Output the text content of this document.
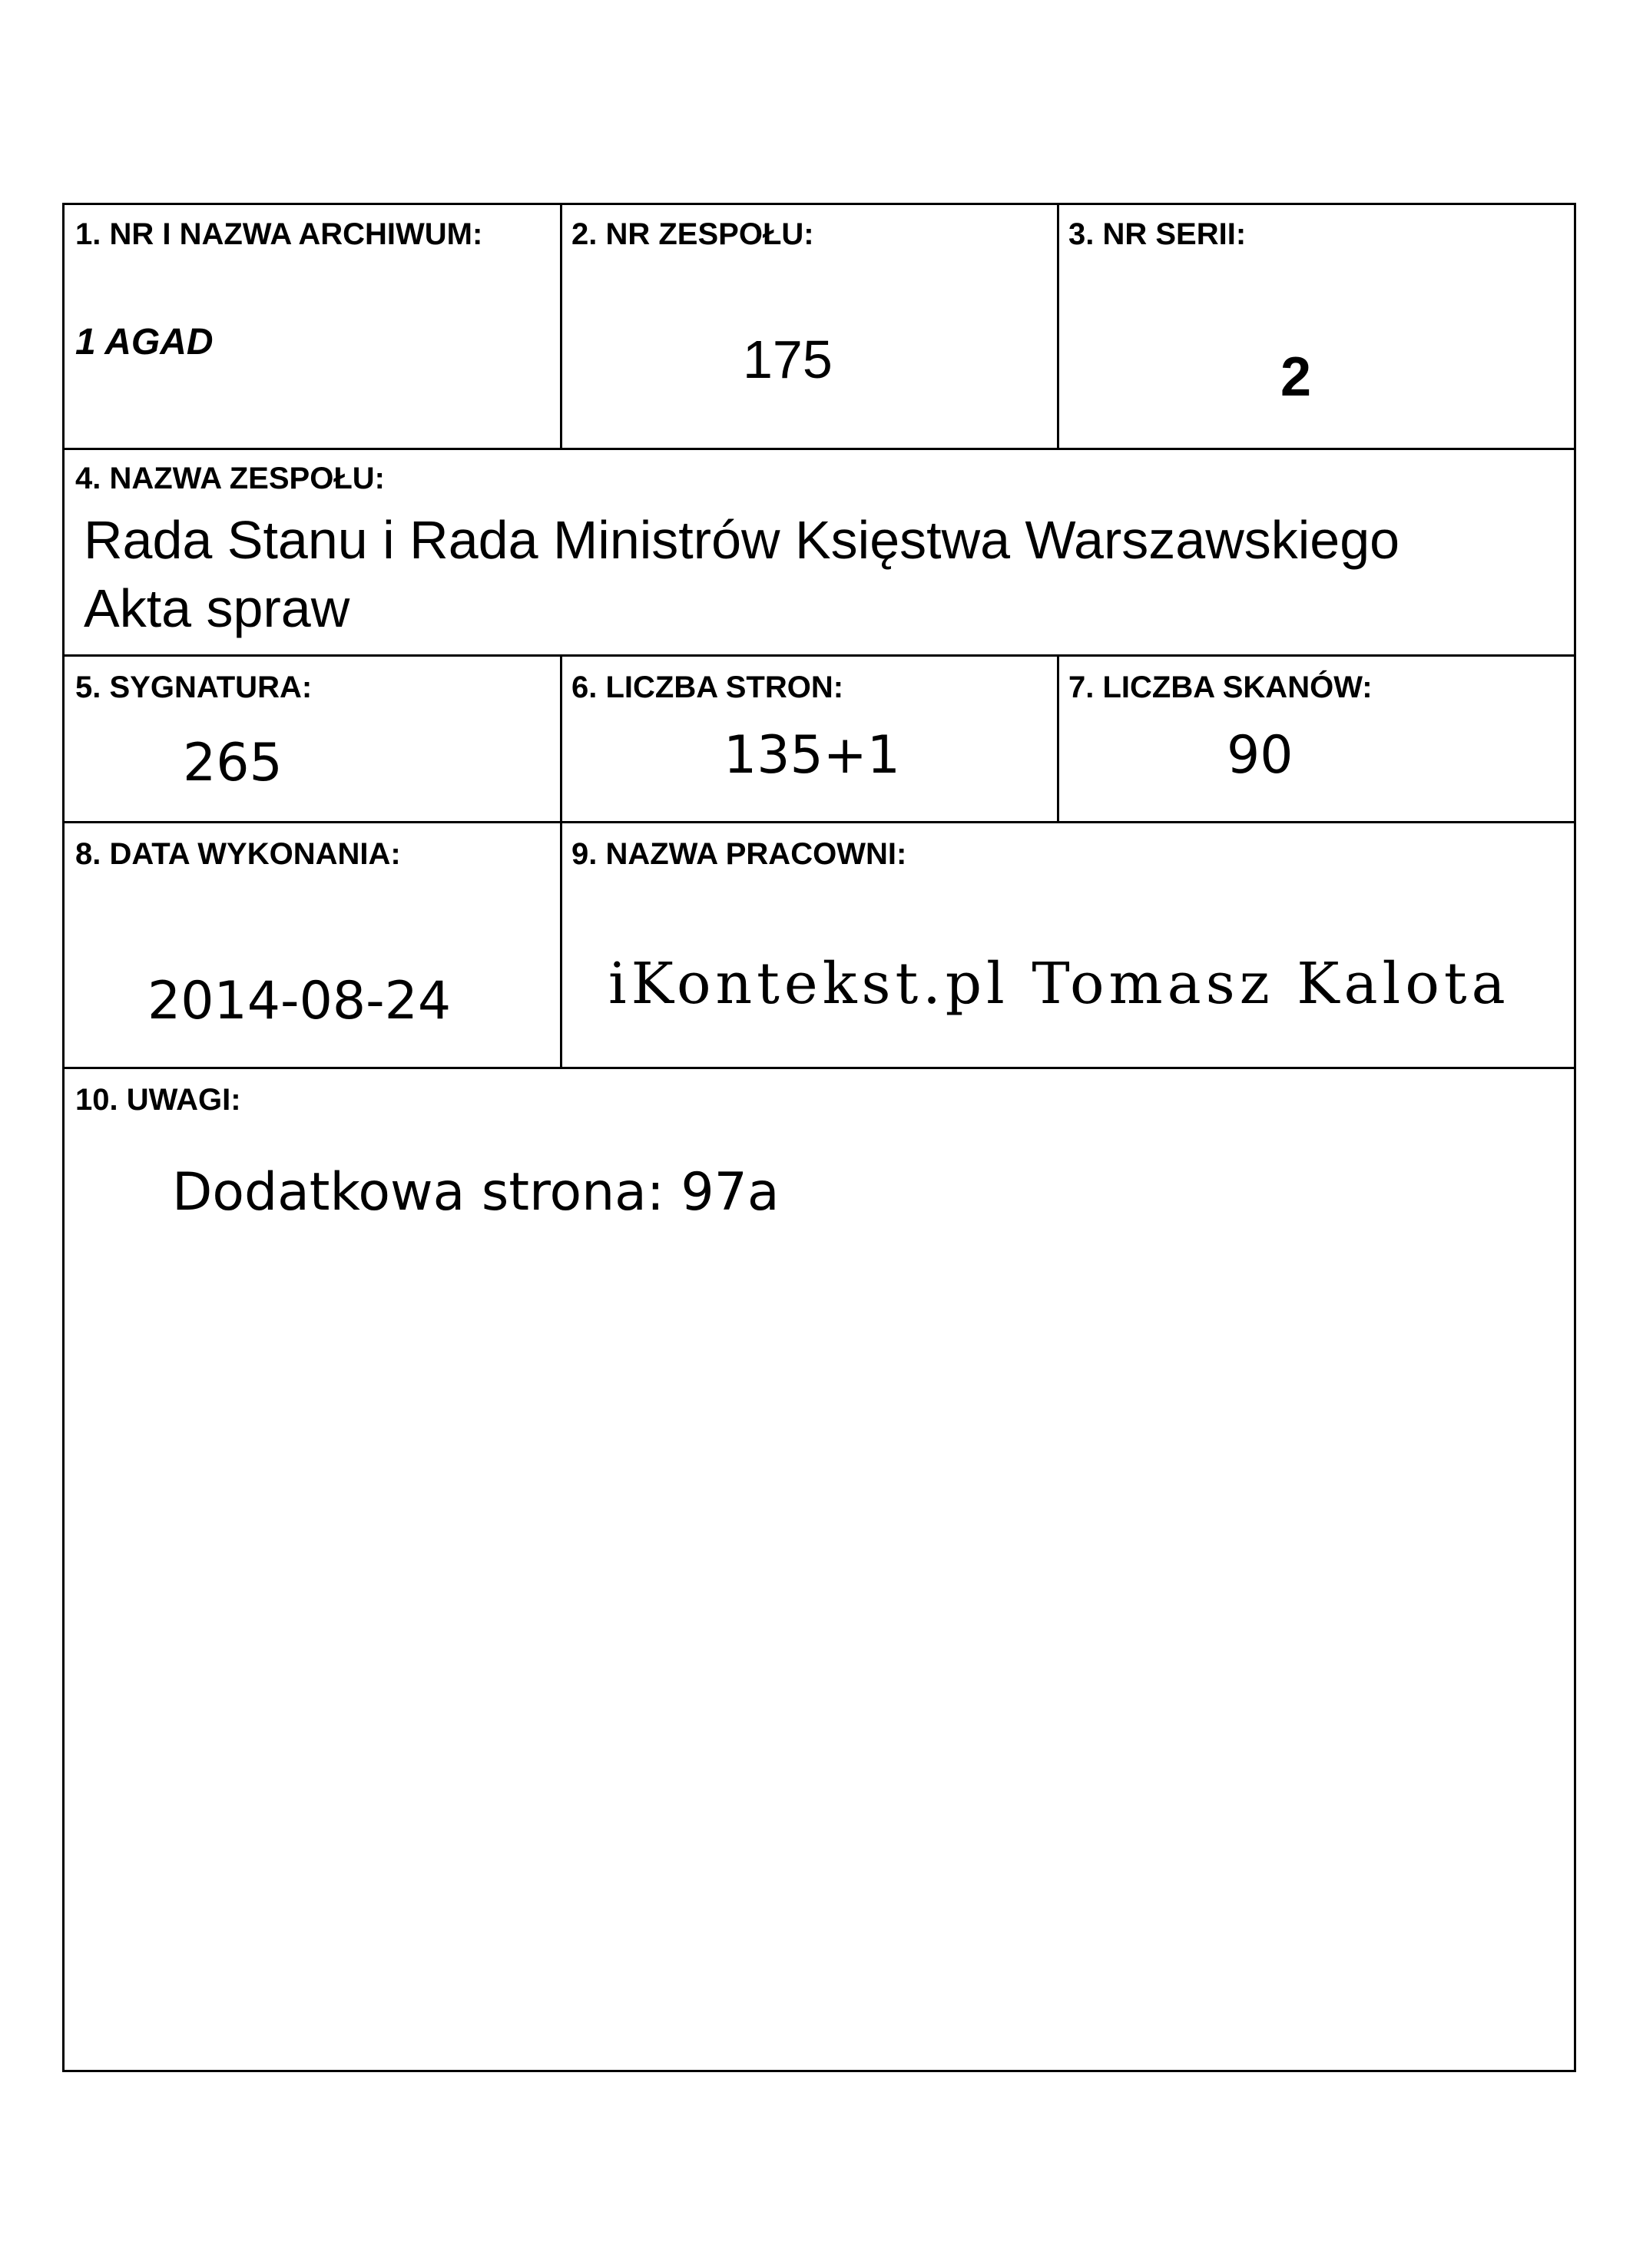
1. NR I NAZWA ARCHIWUM:
1 AGAD
2. NR ZESPOŁU:
175
3. NR SERII:
2
4. NAZWA ZESPOŁU:
Rada Stanu i Rada Ministrów Księstwa Warszawskiego
Akta spraw
5. SYGNATURA:
265
6. LICZBA STRON:
135+1
7. LICZBA SKANÓW:
90
8. DATA WYKONANIA:
2014-08-24
9. NAZWA PRACOWNI:
iKontekst.pl Tomasz Kalota
10. UWAGI:
Dodatkowa strona: 97a
